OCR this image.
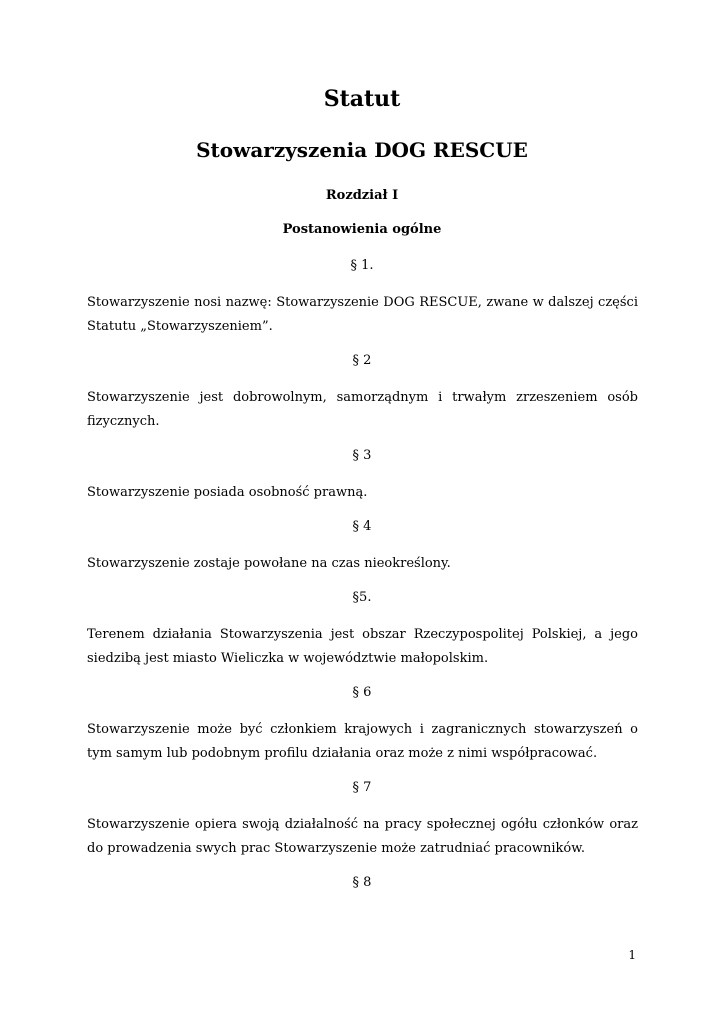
Statut
Stowarzyszenia DOG RESCUE

Rozdział I

Postanowienia ogólne

§ 1.

Stowarzyszenie nosi nazwę: Stowarzyszenie DOG RESCUE, zwane w dalszej części Statutu „Stowarzyszeniem”.

§ 2

Stowarzyszenie jest dobrowolnym, samorządnym i trwałym zrzeszeniem osób fizycznych.

§ 3

Stowarzyszenie posiada osobność prawną.

§ 4

Stowarzyszenie zostaje powołane na czas nieokreślony.

§5.

Terenem działania Stowarzyszenia jest obszar Rzeczypospolitej Polskiej, a jego siedzibą jest miasto Wieliczka w województwie małopolskim.

§ 6

Stowarzyszenie może być członkiem krajowych i zagranicznych stowarzyszeń o tym samym lub podobnym profilu działania oraz może z nimi współpracować.

§ 7

Stowarzyszenie opiera swoją działalność na pracy społecznej ogółu członków oraz do prowadzenia swych prac Stowarzyszenie może zatrudniać pracowników.

§ 8

1
